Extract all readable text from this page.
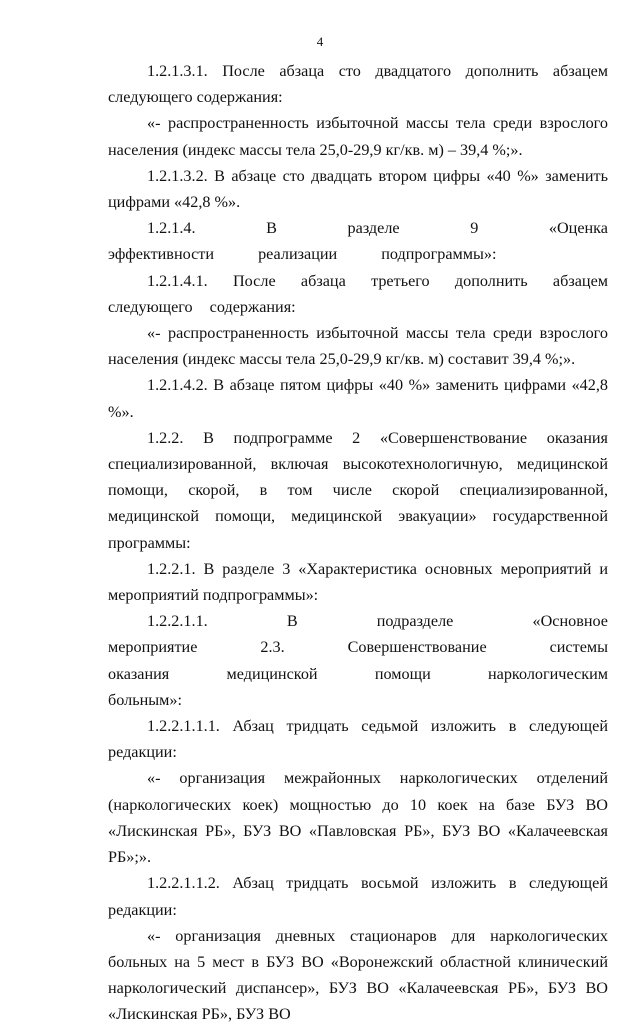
4

1.2.1.3.1. После абзаца сто двадцатого дополнить абзацем следующего содержания:

«- распространенность избыточной массы тела среди взрослого населения (индекс массы тела 25,0-29,9 кг/кв. м) – 39,4 %;».

1.2.1.3.2. В абзаце сто двадцать втором цифры «40 %» заменить цифрами «42,8 %».

1.2.1.4. В разделе 9 «Оценка эффективности реализации подпрограммы»:

1.2.1.4.1. После абзаца третьего дополнить абзацем следующего содержания:

«- распространенность избыточной массы тела среди взрослого населения (индекс массы тела 25,0-29,9 кг/кв. м) составит 39,4 %;».

1.2.1.4.2. В абзаце пятом цифры «40 %» заменить цифрами «42,8 %».

1.2.2. В подпрограмме 2 «Совершенствование оказания специализированной, включая высокотехнологичную, медицинской помощи, скорой, в том числе скорой специализированной, медицинской помощи, медицинской эвакуации» государственной программы:

1.2.2.1. В разделе 3 «Характеристика основных мероприятий и мероприятий подпрограммы»:

1.2.2.1.1. В подразделе «Основное мероприятие 2.3. Совершенствование системы оказания медицинской помощи наркологическим больным»:

1.2.2.1.1.1. Абзац тридцать седьмой изложить в следующей редакции:

«- организация межрайонных наркологических отделений (наркологических коек) мощностью до 10 коек на базе БУЗ ВО «Лискинская РБ», БУЗ ВО «Павловская РБ», БУЗ ВО «Калачеевская РБ»;».

1.2.2.1.1.2. Абзац тридцать восьмой изложить в следующей редакции:

«- организация дневных стационаров для наркологических больных на 5 мест в БУЗ ВО «Воронежский областной клинический наркологический диспансер», БУЗ ВО «Калачеевская РБ», БУЗ ВО «Лискинская РБ», БУЗ ВО
